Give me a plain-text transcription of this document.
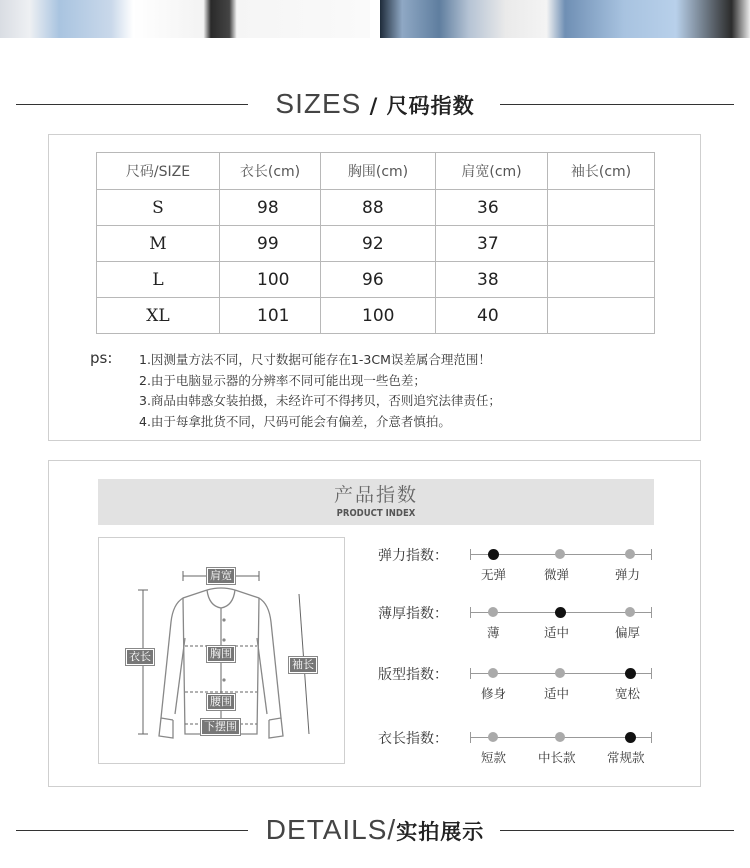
SIZES / 尺码指数
尺码/SIZE	衣长(cm)	胸围(cm)	肩宽(cm)	袖长(cm)
S	98	88	36	
M	99	92	37	
L	100	96	38	
XL	101	100	40	
ps: 1.因测量方法不同，尺寸数据可能存在1-3CM误差属合理范围！
2.由于电脑显示器的分辨率不同可能出现一些色差；
3.商品由韩惑女装拍摄，未经许可不得拷贝，否则追究法律责任；
4.由于每拿批货不同，尺码可能会有偏差，介意者慎拍。
产品指数
PRODUCT INDEX
肩宽
衣长	胸围
袖长
腰围
下摆围
弹力指数：
无弹	微弹	弹力
薄厚指数：
薄	适中	偏厚
版型指数：
修身	适中	宽松
衣长指数：
短款	中长款	常规款
DETAILS/实拍展示
